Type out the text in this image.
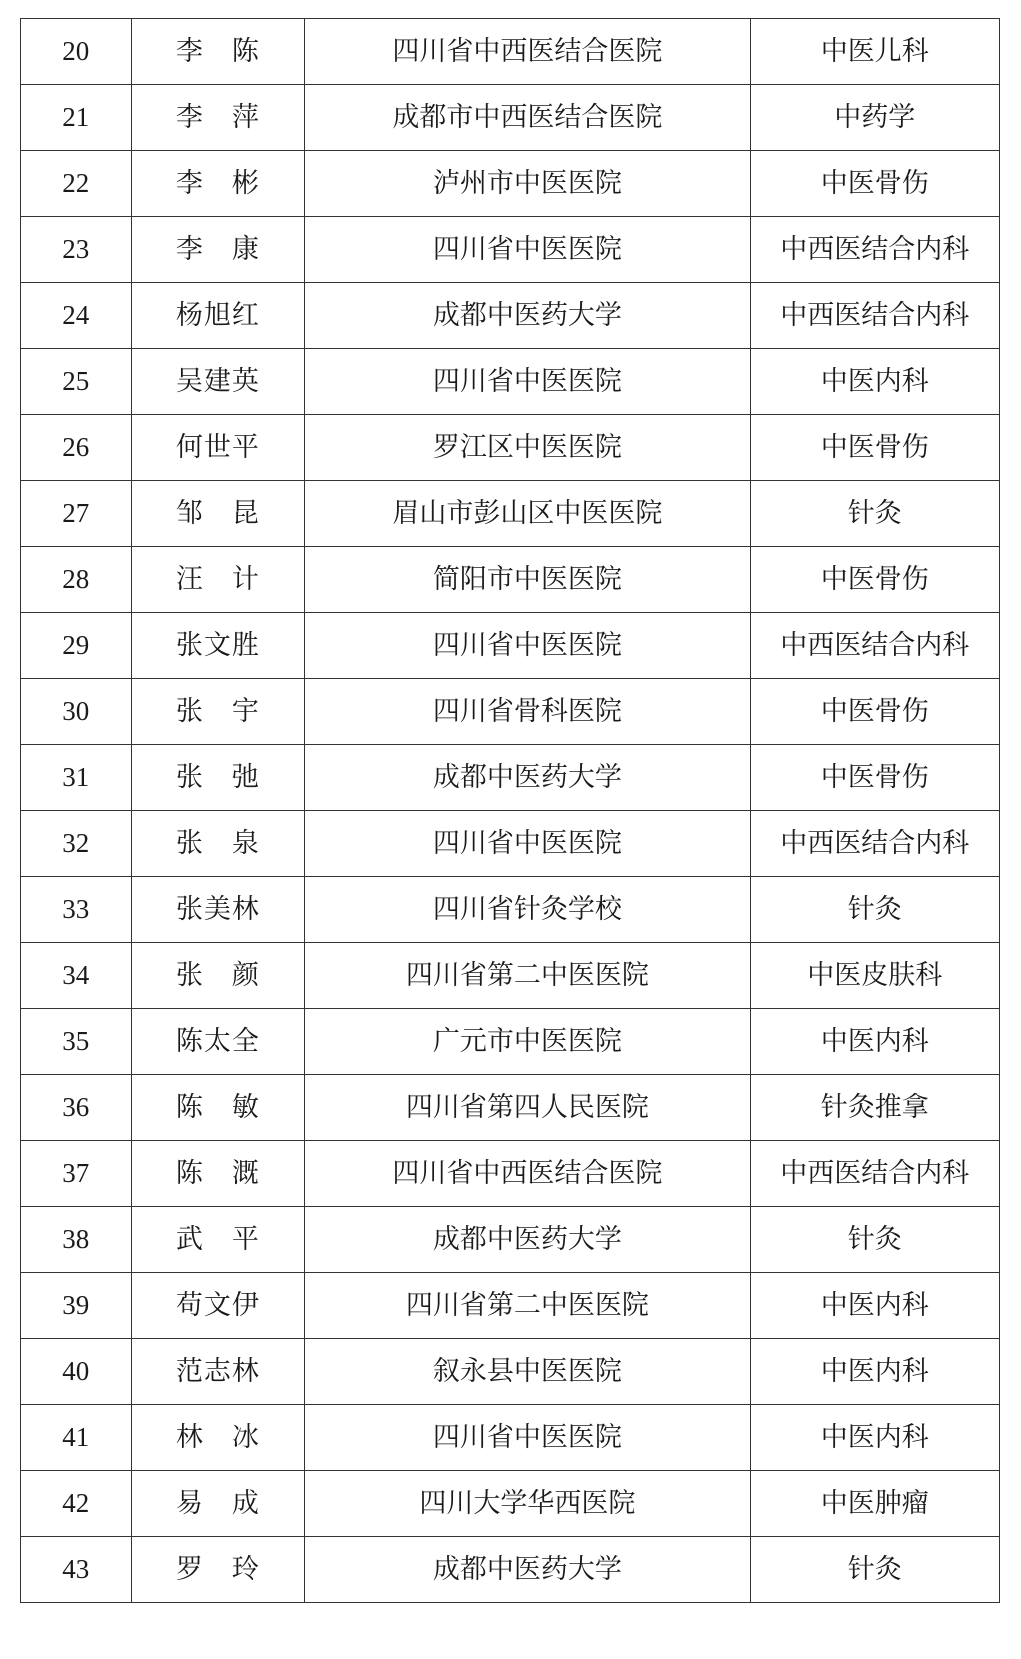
20	李　陈	四川省中西医结合医院	中医儿科
21	李　萍	成都市中西医结合医院	中药学
22	李　彬	泸州市中医医院	中医骨伤
23	李　康	四川省中医医院	中西医结合内科
24	杨旭红	成都中医药大学	中西医结合内科
25	吴建英	四川省中医医院	中医内科
26	何世平	罗江区中医医院	中医骨伤
27	邹　昆	眉山市彭山区中医医院	针灸
28	汪　计	简阳市中医医院	中医骨伤
29	张文胜	四川省中医医院	中西医结合内科
30	张　宇	四川省骨科医院	中医骨伤
31	张　弛	成都中医药大学	中医骨伤
32	张　泉	四川省中医医院	中西医结合内科
33	张美林	四川省针灸学校	针灸
34	张　颜	四川省第二中医医院	中医皮肤科
35	陈太全	广元市中医医院	中医内科
36	陈　敏	四川省第四人民医院	针灸推拿
37	陈　溉	四川省中西医结合医院	中西医结合内科
38	武　平	成都中医药大学	针灸
39	苟文伊	四川省第二中医医院	中医内科
40	范志林	叙永县中医医院	中医内科
41	林　冰	四川省中医医院	中医内科
42	易　成	四川大学华西医院	中医肿瘤
43	罗　玲	成都中医药大学	针灸
